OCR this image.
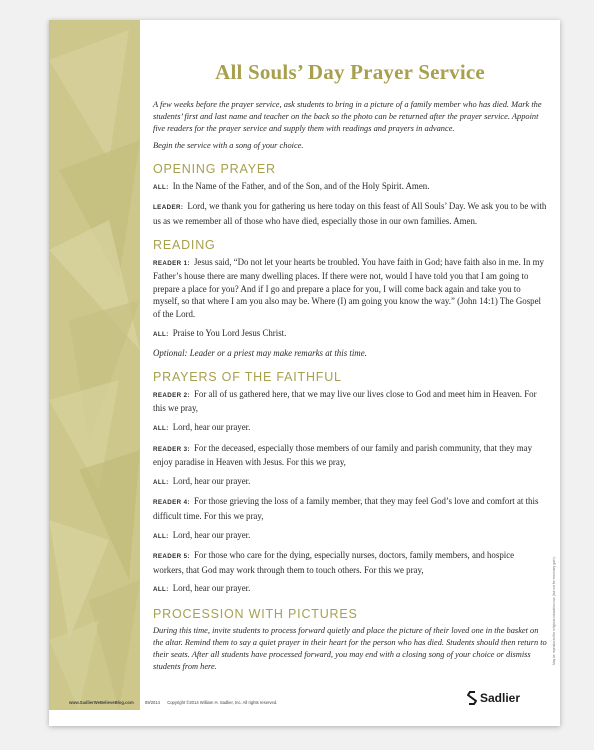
All Souls’ Day Prayer Service

A few weeks before the prayer service, ask students to bring in a picture of a family member who has died. Mark the students’ first and last name and teacher on the back so the photo can be returned after the prayer service. Appoint five readers for the prayer service and supply them with readings and prayers in advance.

Begin the service with a song of your choice.

OPENING PRAYER

ALL: In the Name of the Father, and of the Son, and of the Holy Spirit. Amen.

LEADER: Lord, we thank you for gathering us here today on this feast of All Souls’ Day. We ask you to be with us as we remember all of those who have died, especially those in our own families. Amen.

READING

READER 1: Jesus said, “Do not let your hearts be troubled. You have faith in God; have faith also in me. In my Father’s house there are many dwelling places. If there were not, would I have told you that I am going to prepare a place for you? And if I go and prepare a place for you, I will come back again and take you to myself, so that where I am you also may be. Where (I) am going you know the way.” (John 14:1) The Gospel of the Lord.

ALL: Praise to You Lord Jesus Christ.

Optional: Leader or a priest may make remarks at this time.

PRAYERS OF THE FAITHFUL

READER 2: For all of us gathered here, that we may live our lives close to God and meet him in Heaven. For this we pray,

ALL: Lord, hear our prayer.

READER 3: For the deceased, especially those members of our family and parish community, that they may enjoy paradise in Heaven with Jesus. For this we pray,

ALL: Lord, hear our prayer.

READER 4: For those grieving the loss of a family member, that they may feel God’s love and comfort at this difficult time. For this we pray,

ALL: Lord, hear our prayer.

READER 5: For those who care for the dying, especially nurses, doctors, family members, and hospice workers, that God may work through them to touch others. For this we pray,

ALL: Lord, hear our prayer.

PROCESSION WITH PICTURES

During this time, invite students to process forward quietly and place the picture of their loved one in the basket on the altar. Remind them to say a quiet prayer in their heart for the person who has died. Students should then return to their seats. After all students have processed forward, you may end with a closing song of your choice or dismiss students from here.

www.SadlierWeBelieveBlog.com	09/2014 Copyright ©2014 William H. Sadlier, Inc. All rights reserved.	Sadlier
May be reproduced for religious education use (but not for monetary gain).
